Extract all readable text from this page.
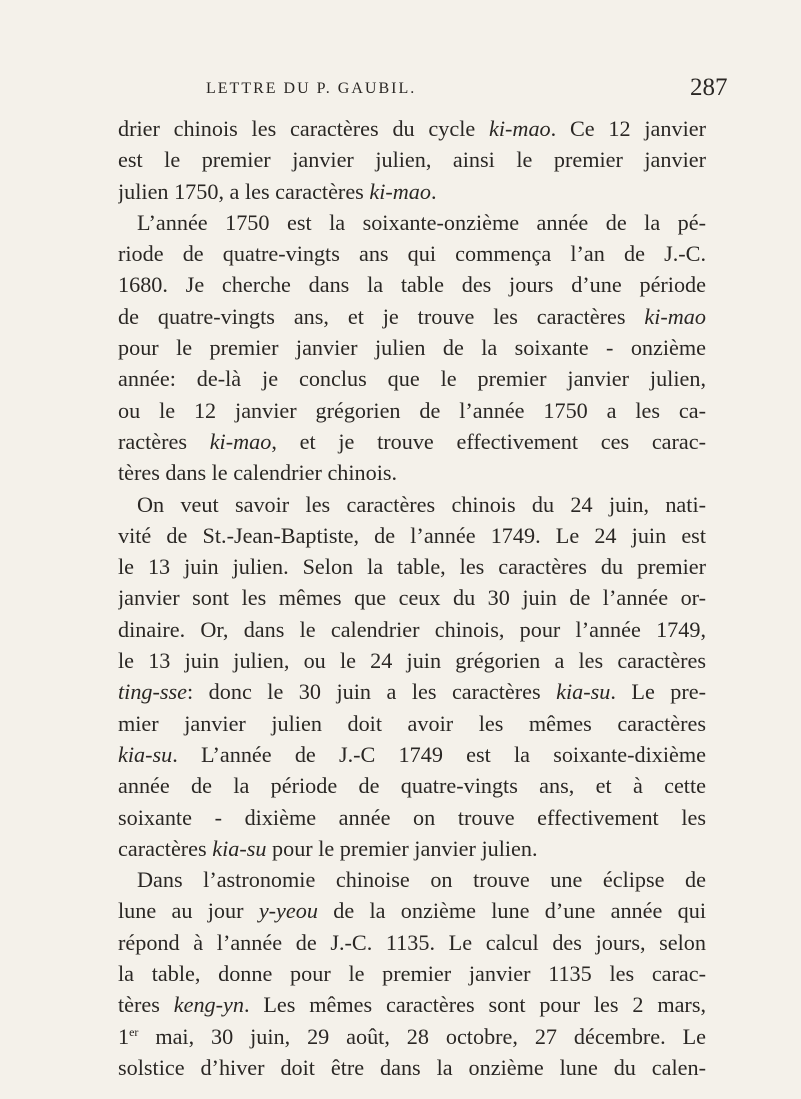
LETTRE DU P. GAUBIL.	287
drier chinois les caractères du cycle ki-mao. Ce 12 janvier
est le premier janvier julien, ainsi le premier janvier
julien 1750, a les caractères ki-mao.
L’année 1750 est la soixante-onzième année de la pé-
riode de quatre-vingts ans qui commença l’an de J.-C.
1680. Je cherche dans la table des jours d’une période
de quatre-vingts ans, et je trouve les caractères ki-mao
pour le premier janvier julien de la soixante - onzième
année: de-là je conclus que le premier janvier julien,
ou le 12 janvier grégorien de l’année 1750 a les ca-
ractères ki-mao, et je trouve effectivement ces carac-
tères dans le calendrier chinois.
On veut savoir les caractères chinois du 24 juin, nati-
vité de St.-Jean-Baptiste, de l’année 1749. Le 24 juin est
le 13 juin julien. Selon la table, les caractères du premier
janvier sont les mêmes que ceux du 30 juin de l’année or-
dinaire. Or, dans le calendrier chinois, pour l’année 1749,
le 13 juin julien, ou le 24 juin grégorien a les caractères
ting-sse: donc le 30 juin a les caractères kia-su. Le pre-
mier janvier julien doit avoir les mêmes caractères
kia-su. L’année de J.-C 1749 est la soixante-dixième
année de la période de quatre-vingts ans, et à cette
soixante - dixième année on trouve effectivement les
caractères kia-su pour le premier janvier julien.
Dans l’astronomie chinoise on trouve une éclipse de
lune au jour y-yeou de la onzième lune d’une année qui
répond à l’année de J.-C. 1135. Le calcul des jours, selon
la table, donne pour le premier janvier 1135 les carac-
tères keng-yn. Les mêmes caractères sont pour les 2 mars,
1er mai, 30 juin, 29 août, 28 octobre, 27 décembre. Le
solstice d’hiver doit être dans la onzième lune du calen-
